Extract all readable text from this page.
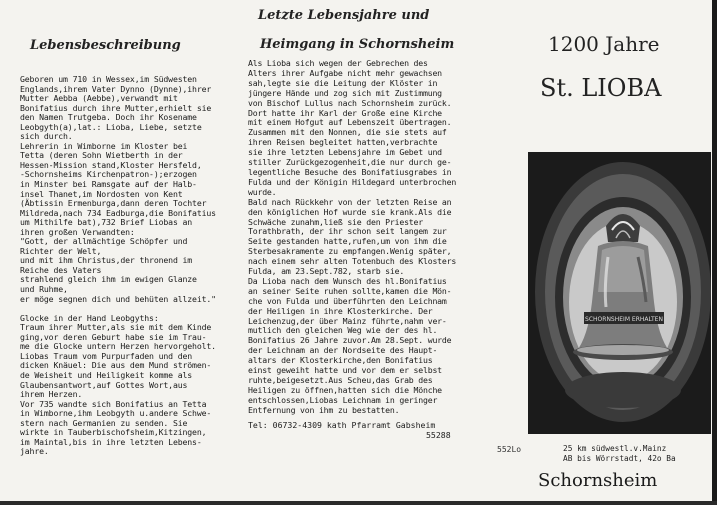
Lebensbeschreibung
Geboren um 710 in Wessex,im Südwesten
Englands,ihrem Vater Dynno (Dynne),ihrer
Mutter Aebba (Aebbe),verwandt mit
Bonifatius durch ihre Mutter,erhielt sie
den Namen Trutgeba. Doch ihr Kosename
Leobgyth(a),lat.: Lioba, Liebe, setzte
sich durch.
Lehrerin in Wimborne im Kloster bei
Tetta (deren Sohn Wietberth in der
Hessen-Mission stand,Kloster Hersfeld,
-Schornsheims Kirchenpatron-);erzogen
in Minster bei Ramsgate auf der Halb-
insel Thanet,im Nordosten von Kent
(Äbtissin Ermenburga,dann deren Tochter
Mildreda,nach 734 Eadburga,die Bonifatius
um Mithilfe bat),732 Brief Liobas an
ihren großen Verwandten:
"Gott, der allmächtige Schöpfer und
Richter der Welt,
und mit ihm Christus,der thronend im
Reiche des Vaters
strahlend gleich ihm im ewigen Glanze
und Ruhme,
er möge segnen dich und behüten allzeit."

Glocke in der Hand Leobgyths:
Traum ihrer Mutter,als sie mit dem Kinde
ging,vor deren Geburt habe sie im Trau-
me die Glocke untern Herzen hervorgeholt.
Liobas Traum vom Purpurfaden und den
dicken Knäuel: Die aus dem Mund strömen-
de Weisheit und Heiligkeit komme als
Glaubensantwort,auf Gottes Wort,aus
ihrem Herzen.
Vor 735 wandte sich Bonifatius an Tetta
in Wimborne,ihm Leobgyth u.andere Schwe-
stern nach Germanien zu senden. Sie
wirkte in Tauberbischofsheim,Kitzingen,
im Maintal,bis in ihre letzten Lebens-
jahre.
Letzte Lebensjahre und
Heimgang in Schornsheim
Als Lioba sich wegen der Gebrechen des
Alters ihrer Aufgabe nicht mehr gewachsen
sah,legte sie die Leitung der Klöster in
jüngere Hände und zog sich mit Zustimmung
von Bischof Lullus nach Schornsheim zurück.
Dort hatte ihr Karl der Große eine Kirche
mit einem Hofgut auf Lebenszeit übertragen.
Zusammen mit den Nonnen, die sie stets auf
ihren Reisen begleitet hatten,verbrachte
sie ihre letzten Lebensjahre im Gebet und
stiller Zurückgezogenheit,die nur durch ge-
legentliche Besuche des Bonifatiusgrabes in
Fulda und der Königin Hildegard unterbrochen
wurde.
Bald nach Rückkehr von der letzten Reise an
den königlichen Hof wurde sie krank.Als die
Schwäche zunahm,ließ sie den Priester
Torathbrath, der ihr schon seit langem zur
Seite gestanden hatte,rufen,um von ihm die
Sterbesakramente zu empfangen.Wenig später,
nach einem sehr alten Totenbuch des Klosters
Fulda, am 23.Sept.782, starb sie.
Da Lioba nach dem Wunsch des hl.Bonifatius
an seiner Seite ruhen sollte,kamen die Mön-
che von Fulda und überführten den Leichnam
der Heiligen in ihre Klosterkirche. Der
Leichenzug,der über Mainz führte,nahm ver-
mutlich den gleichen Weg wie der des hl.
Bonifatius 26 Jahre zuvor.Am 28.Sept. wurde
der Leichnam an der Nordseite des Haupt-
altars der Klosterkirche,den Bonifatius
einst geweiht hatte und vor dem er selbst
ruhte,beigesetzt.Aus Scheu,das Grab des
Heiligen zu öffnen,hatten sich die Mönche
entschlossen,Liobas Leichnam in geringer
Entfernung von ihm zu bestatten.
Tel: 06732-4309 kath Pfarramt Gabsheim
55288
1200 Jahre
St. LIOBA
SCHORNSHEIM ERHALTEN
552Lo	25 km südwestl.v.Mainz
AB bis Wörrstadt, 42o Ba
Schornsheim
